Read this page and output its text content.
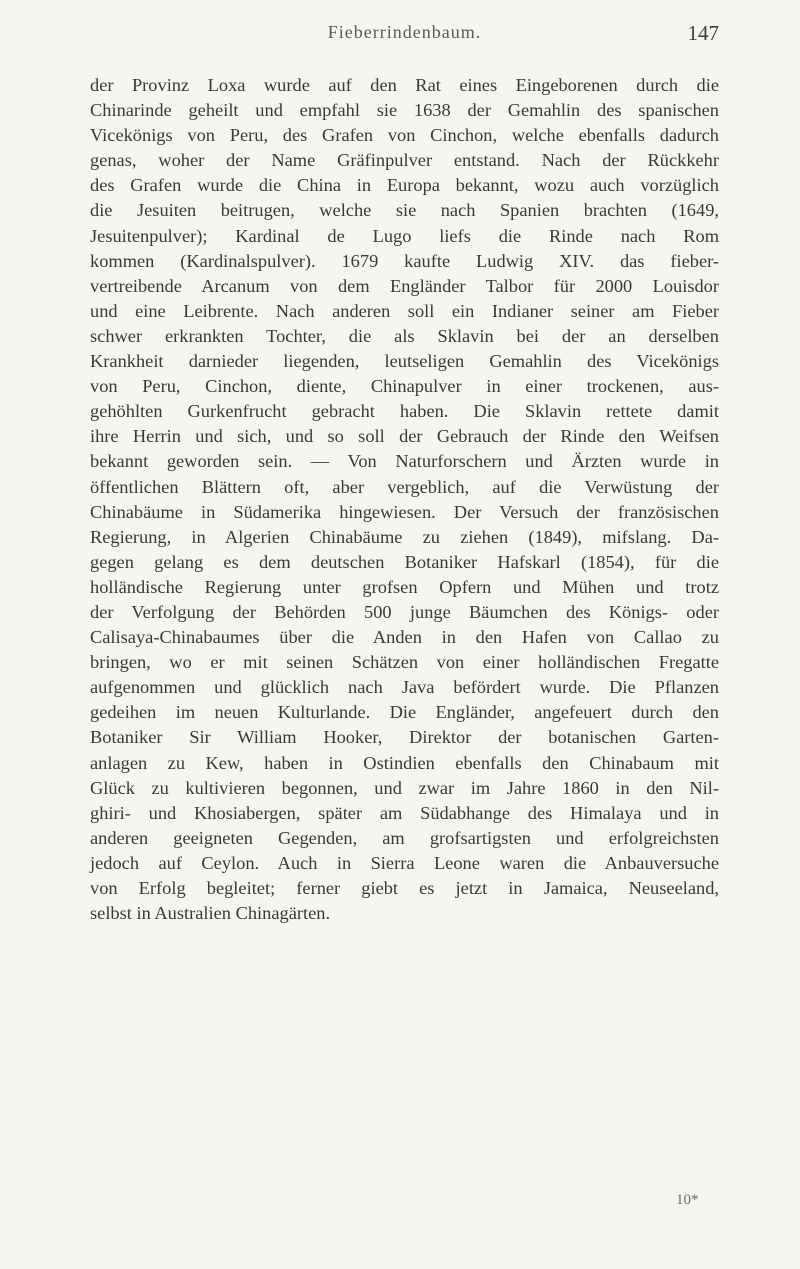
Fieberrindenbaum.	147
der Provinz Loxa wurde auf den Rat eines Eingeborenen durch die
Chinarinde geheilt und empfahl sie 1638 der Gemahlin des spanischen
Vicekönigs von Peru, des Grafen von Cinchon, welche ebenfalls dadurch
genas, woher der Name Gräfinpulver entstand. Nach der Rückkehr
des Grafen wurde die China in Europa bekannt, wozu auch vorzüglich
die Jesuiten beitrugen, welche sie nach Spanien brachten (1649,
Jesuitenpulver); Kardinal de Lugo liefs die Rinde nach Rom
kommen (Kardinalspulver). 1679 kaufte Ludwig XIV. das fieber-
vertreibende Arcanum von dem Engländer Talbor für 2000 Louisdor
und eine Leibrente. Nach anderen soll ein Indianer seiner am Fieber
schwer erkrankten Tochter, die als Sklavin bei der an derselben
Krankheit darnieder liegenden, leutseligen Gemahlin des Vicekönigs
von Peru, Cinchon, diente, Chinapulver in einer trockenen, aus-
gehöhlten Gurkenfrucht gebracht haben. Die Sklavin rettete damit
ihre Herrin und sich, und so soll der Gebrauch der Rinde den Weifsen
bekannt geworden sein. — Von Naturforschern und Ärzten wurde in
öffentlichen Blättern oft, aber vergeblich, auf die Verwüstung der
Chinabäume in Südamerika hingewiesen. Der Versuch der französischen
Regierung, in Algerien Chinabäume zu ziehen (1849), mifslang. Da-
gegen gelang es dem deutschen Botaniker Hafskarl (1854), für die
holländische Regierung unter grofsen Opfern und Mühen und trotz
der Verfolgung der Behörden 500 junge Bäumchen des Königs- oder
Calisaya-Chinabaumes über die Anden in den Hafen von Callao zu
bringen, wo er mit seinen Schätzen von einer holländischen Fregatte
aufgenommen und glücklich nach Java befördert wurde. Die Pflanzen
gedeihen im neuen Kulturlande. Die Engländer, angefeuert durch den
Botaniker Sir William Hooker, Direktor der botanischen Garten-
anlagen zu Kew, haben in Ostindien ebenfalls den Chinabaum mit
Glück zu kultivieren begonnen, und zwar im Jahre 1860 in den Nil-
ghiri- und Khosiabergen, später am Südabhange des Himalaya und in
anderen geeigneten Gegenden, am grofsartigsten und erfolgreichsten
jedoch auf Ceylon. Auch in Sierra Leone waren die Anbauversuche
von Erfolg begleitet; ferner giebt es jetzt in Jamaica, Neuseeland,
selbst in Australien Chinagärten.
10*
